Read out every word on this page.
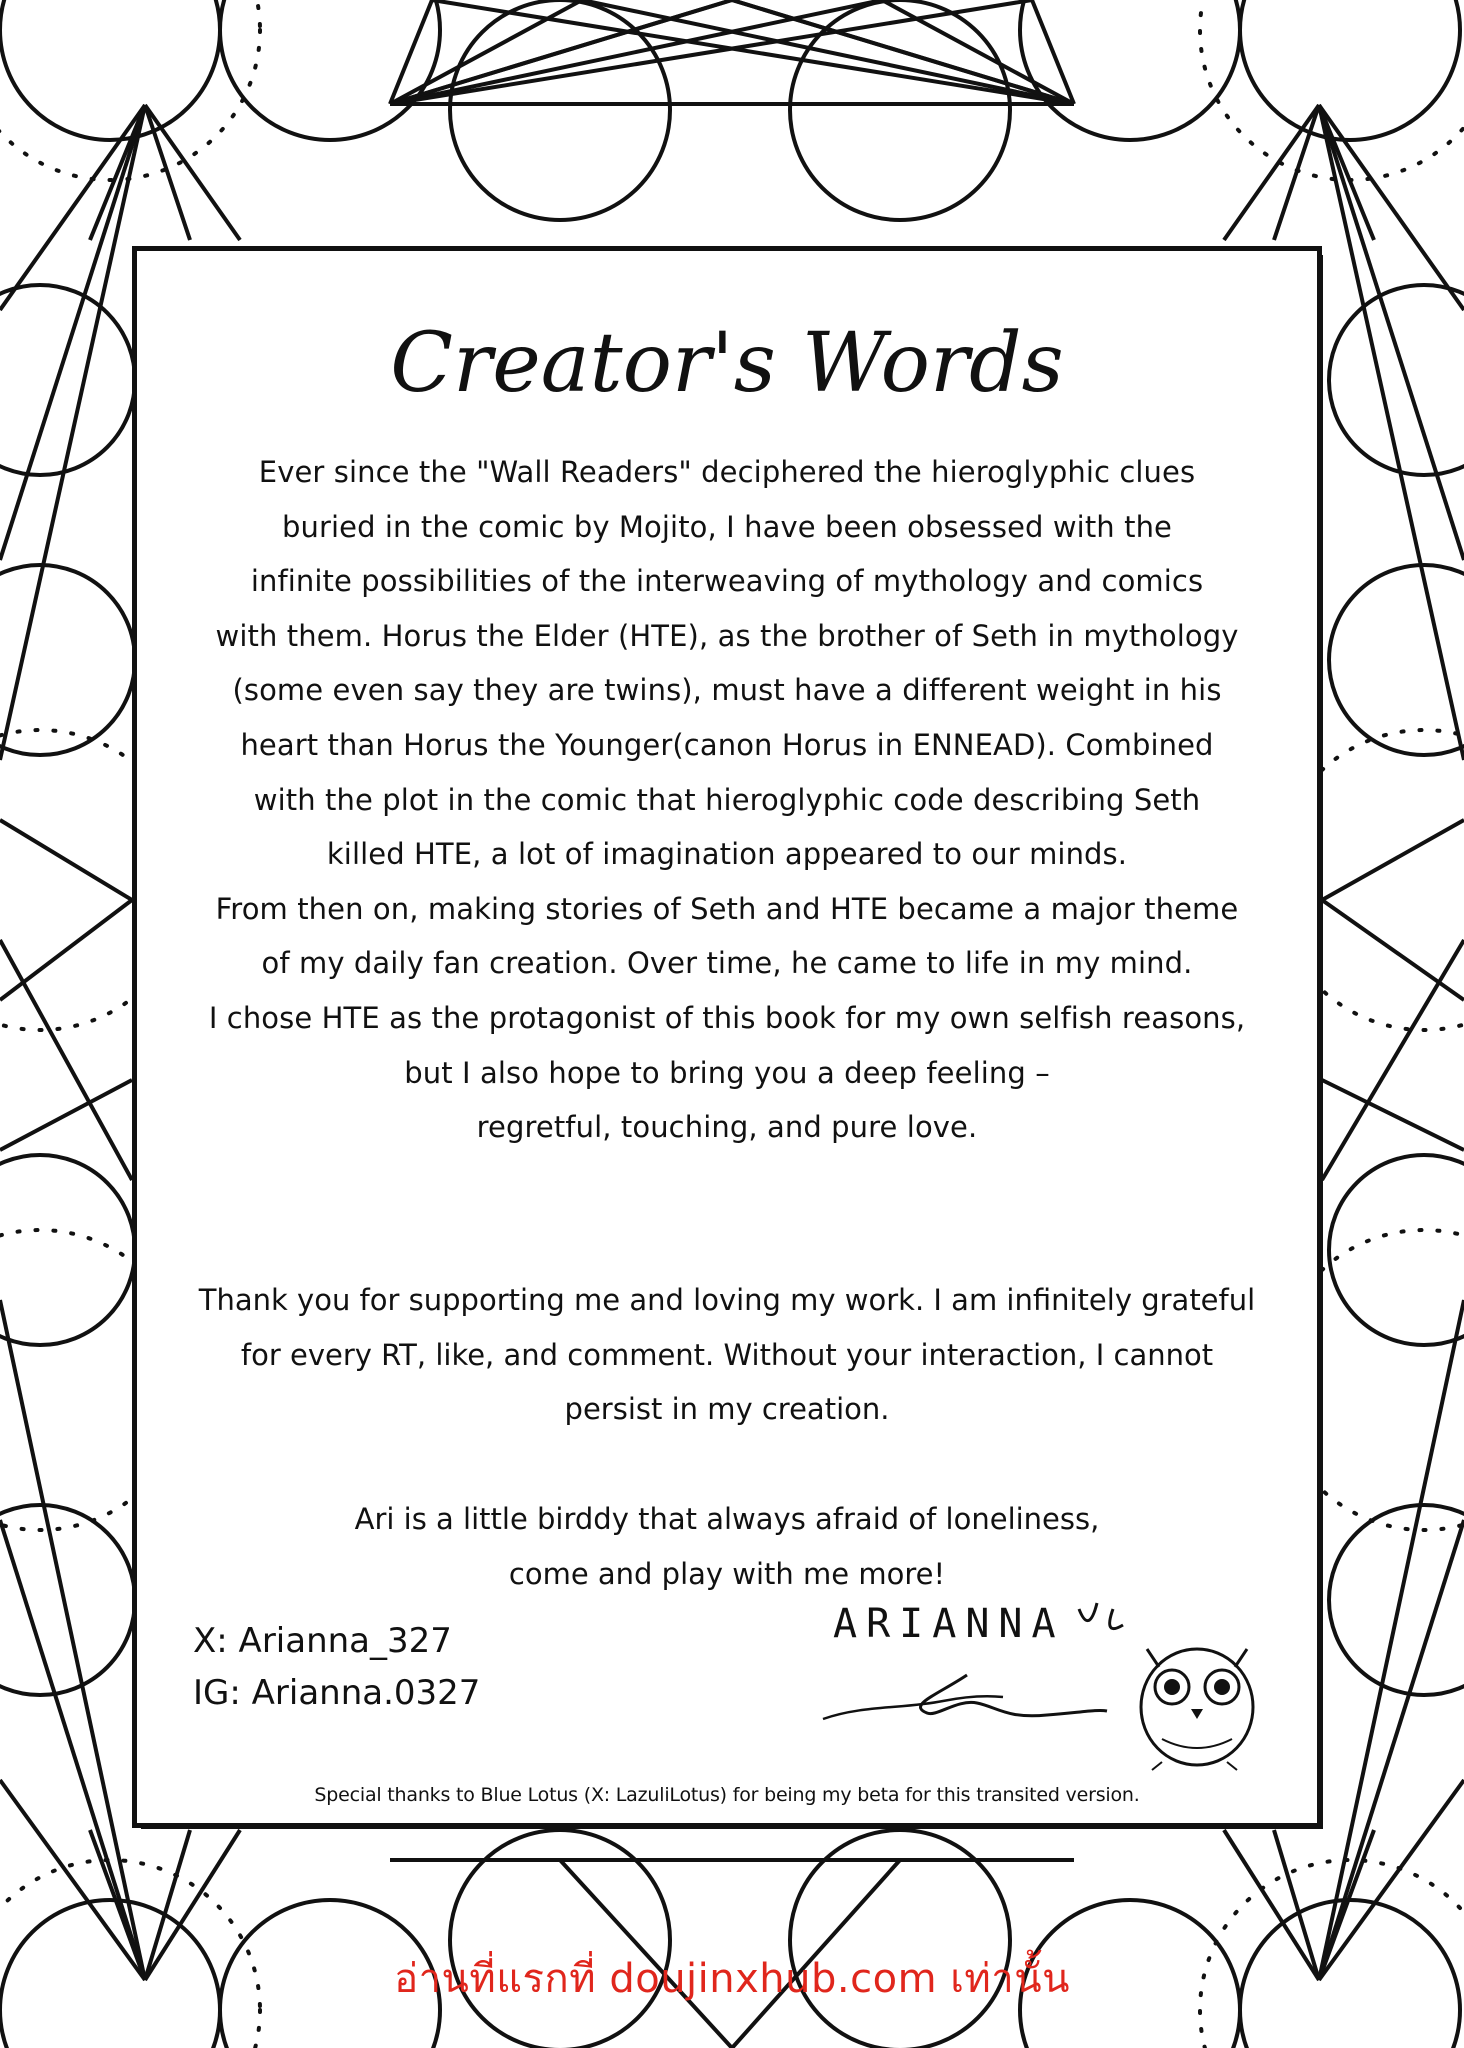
Creator's Words

Ever since the "Wall Readers" deciphered the hieroglyphic clues

buried in the comic by Mojito, I have been obsessed with the

infinite possibilities of the interweaving of mythology and comics

with them. Horus the Elder (HTE), as the brother of Seth in mythology

(some even say they are twins), must have a different weight in his

heart than Horus the Younger(canon Horus in ENNEAD). Combined

with the plot in the comic that hieroglyphic code describing Seth

killed HTE, a lot of imagination appeared to our minds.

From then on, making stories of Seth and HTE became a major theme

of my daily fan creation. Over time, he came to life in my mind.

I chose HTE as the protagonist of this book for my own selfish reasons,

but I also hope to bring you a deep feeling –

regretful, touching, and pure love.

Thank you for supporting me and loving my work. I am infinitely grateful

for every RT, like, and comment. Without your interaction, I cannot

persist in my creation.

Ari is a little birddy that always afraid of loneliness,

come and play with me more!

X: Arianna_327
IG: Arianna.0327
ARIANNA
Special thanks to Blue Lotus (X: LazuliLotus) for being my beta for this transited version.
อ่านที่แรกที่ doujinxhub.com เท่านั้น
